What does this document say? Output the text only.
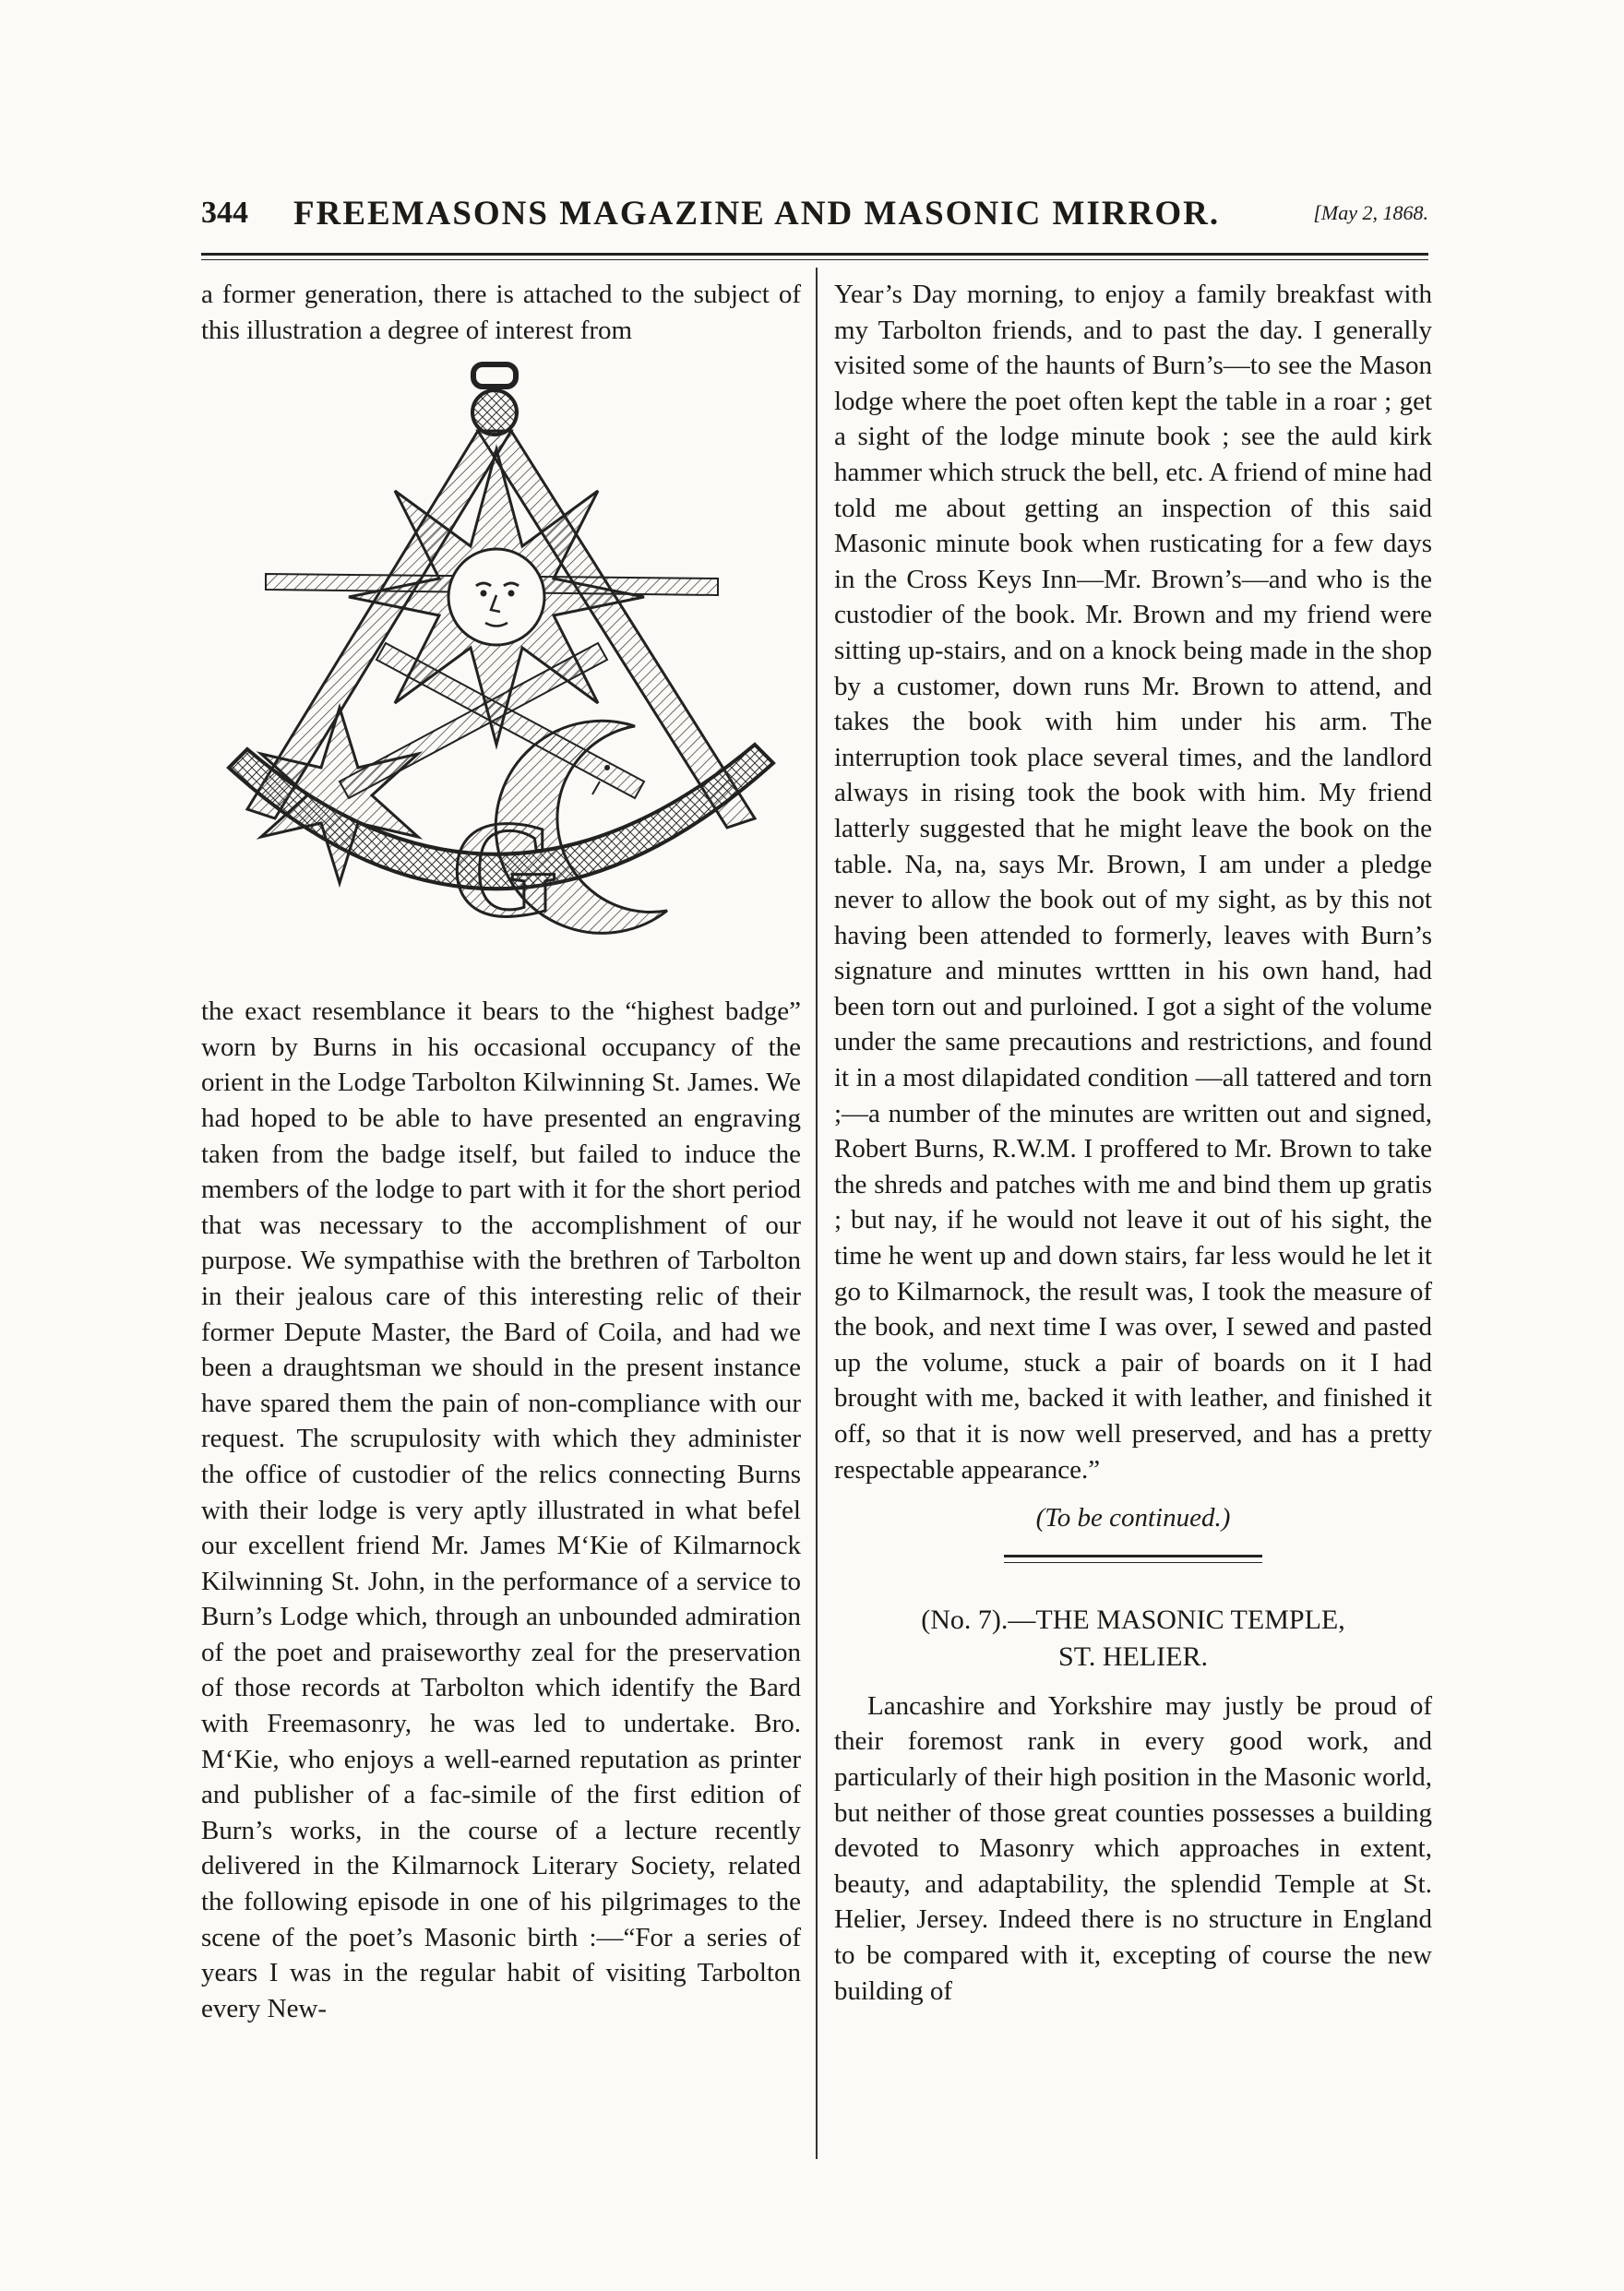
344 FREEMASONS MAGAZINE AND MASONIC MIRROR.	[May 2, 1868.

a former generation, there is attached to the subject of this illustration a degree of interest from

G

the exact resemblance it bears to the “highest badge” worn by Burns in his occasional occupancy of the orient in the Lodge Tarbolton Kilwinning St. James. We had hoped to be able to have presented an engraving taken from the badge itself, but failed to induce the members of the lodge to part with it for the short period that was necessary to the accomplishment of our purpose. We sympathise with the brethren of Tarbolton in their jealous care of this interesting relic of their former Depute Master, the Bard of Coila, and had we been a draughtsman we should in the present instance have spared them the pain of non-compliance with our request. The scrupulosity with which they administer the office of custodier of the relics connecting Burns with their lodge is very aptly illustrated in what befel our excellent friend Mr. James M‘Kie of Kilmarnock Kilwinning St. John, in the performance of a service to Burn’s Lodge which, through an unbounded admiration of the poet and praiseworthy zeal for the preservation of those records at Tarbolton which identify the Bard with Freemasonry, he was led to undertake. Bro. M‘Kie, who enjoys a well-earned reputation as printer and publisher of a fac-simile of the first edition of Burn’s works, in the course of a lecture recently delivered in the Kilmarnock Literary Society, related the following episode in one of his pilgrimages to the scene of the poet’s Masonic birth :—“For a series of years I was in the regular habit of visiting Tarbolton every New-

Year’s Day morning, to enjoy a family breakfast with my Tarbolton friends, and to past the day. I generally visited some of the haunts of Burn’s—to see the Mason lodge where the poet often kept the table in a roar ; get a sight of the lodge minute book ; see the auld kirk hammer which struck the bell, etc. A friend of mine had told me about getting an inspection of this said Masonic minute book when rusticating for a few days in the Cross Keys Inn—Mr. Brown’s—and who is the custodier of the book. Mr. Brown and my friend were sitting up-stairs, and on a knock being made in the shop by a customer, down runs Mr. Brown to attend, and takes the book with him under his arm. The interruption took place several times, and the landlord always in rising took the book with him. My friend latterly suggested that he might leave the book on the table. Na, na, says Mr. Brown, I am under a pledge never to allow the book out of my sight, as by this not having been attended to formerly, leaves with Burn’s signature and minutes wrttten in his own hand, had been torn out and purloined. I got a sight of the volume under the same precautions and restrictions, and found it in a most dilapidated condition —all tattered and torn ;—a number of the minutes are written out and signed, Robert Burns, R.W.M. I proffered to Mr. Brown to take the shreds and patches with me and bind them up gratis ; but nay, if he would not leave it out of his sight, the time he went up and down stairs, far less would he let it go to Kilmarnock, the result was, I took the measure of the book, and next time I was over, I sewed and pasted up the volume, stuck a pair of boards on it I had brought with me, backed it with leather, and finished it off, so that it is now well preserved, and has a pretty respectable appearance.”

(To be continued.)

(No. 7).—THE MASONIC TEMPLE,
ST. HELIER.

Lancashire and Yorkshire may justly be proud of their foremost rank in every good work, and particularly of their high position in the Masonic world, but neither of those great counties possesses a building devoted to Masonry which approaches in extent, beauty, and adaptability, the splendid Temple at St. Helier, Jersey. Indeed there is no structure in England to be compared with it, excepting of course the new building of
